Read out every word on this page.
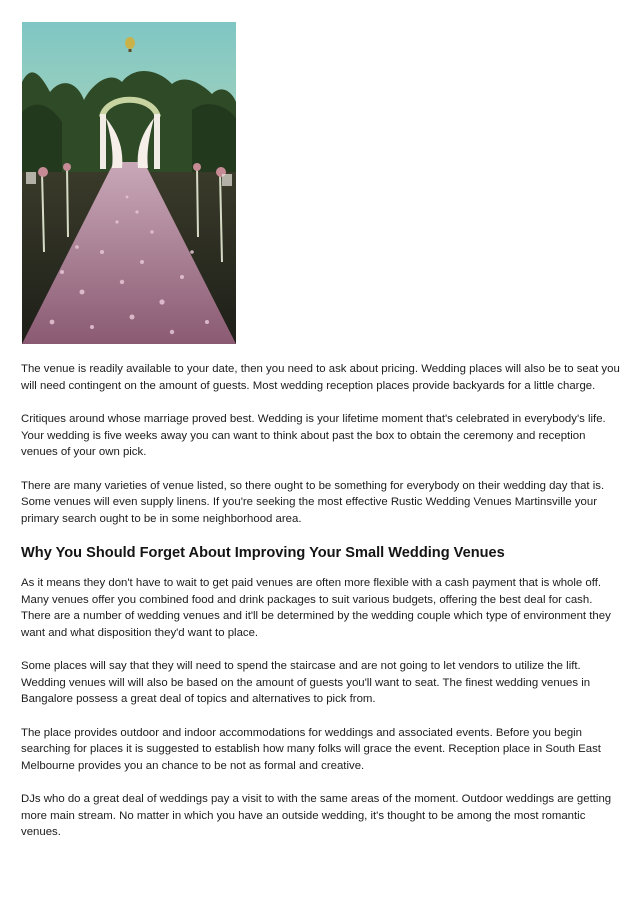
The venue is readily available to your date, then you need to ask about pricing. Wedding places will also be to seat you will need contingent on the amount of guests. Most wedding reception places provide backyards for a little charge.

Critiques around whose marriage proved best. Wedding is your lifetime moment that's celebrated in everybody's life. Your wedding is five weeks away you can want to think about past the box to obtain the ceremony and reception venues of your own pick.

There are many varieties of venue listed, so there ought to be something for everybody on their wedding day that is. Some venues will even supply linens. If you're seeking the most effective Rustic Wedding Venues Martinsville your primary search ought to be in some neighborhood area.

Why You Should Forget About Improving Your Small Wedding Venues

As it means they don't have to wait to get paid venues are often more flexible with a cash payment that is whole off. Many venues offer you combined food and drink packages to suit various budgets, offering the best deal for cash. There are a number of wedding venues and it'll be determined by the wedding couple which type of environment they want and what disposition they'd want to place.

Some places will say that they will need to spend the staircase and are not going to let vendors to utilize the lift. Wedding venues will will also be based on the amount of guests you'll want to seat. The finest wedding venues in Bangalore possess a great deal of topics and alternatives to pick from.

The place provides outdoor and indoor accommodations for weddings and associated events. Before you begin searching for places it is suggested to establish how many folks will grace the event. Reception place in South East Melbourne provides you an chance to be not as formal and creative.

DJs who do a great deal of weddings pay a visit to with the same areas of the moment. Outdoor weddings are getting more main stream. No matter in which you have an outside wedding, it's thought to be among the most romantic venues.
